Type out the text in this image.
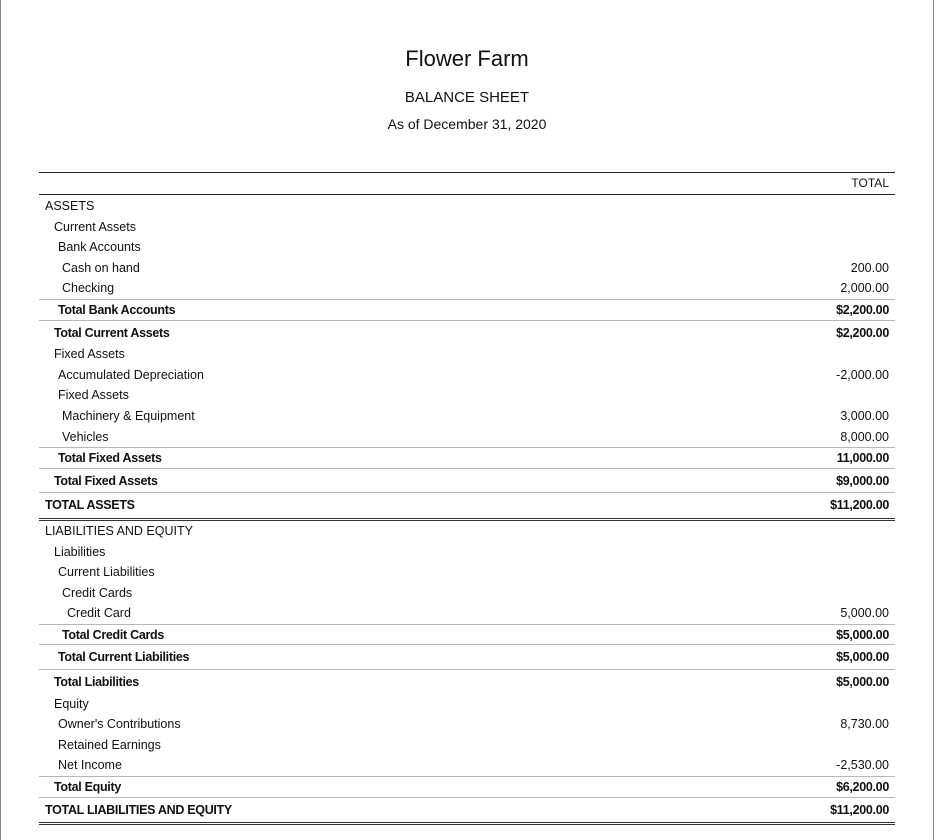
Flower Farm
BALANCE SHEET
As of December 31, 2020
TOTAL
ASSETS
Current Assets
Bank Accounts
Cash on hand	200.00
Checking	2,000.00
Total Bank Accounts	$2,200.00
Total Current Assets	$2,200.00
Fixed Assets
Accumulated Depreciation	-2,000.00
Fixed Assets
Machinery & Equipment	3,000.00
Vehicles	8,000.00
Total Fixed Assets	11,000.00
Total Fixed Assets	$9,000.00
TOTAL ASSETS	$11,200.00
LIABILITIES AND EQUITY
Liabilities
Current Liabilities
Credit Cards
Credit Card	5,000.00
Total Credit Cards	$5,000.00
Total Current Liabilities	$5,000.00
Total Liabilities	$5,000.00
Equity
Owner's Contributions	8,730.00
Retained Earnings
Net Income	-2,530.00
Total Equity	$6,200.00
TOTAL LIABILITIES AND EQUITY	$11,200.00
